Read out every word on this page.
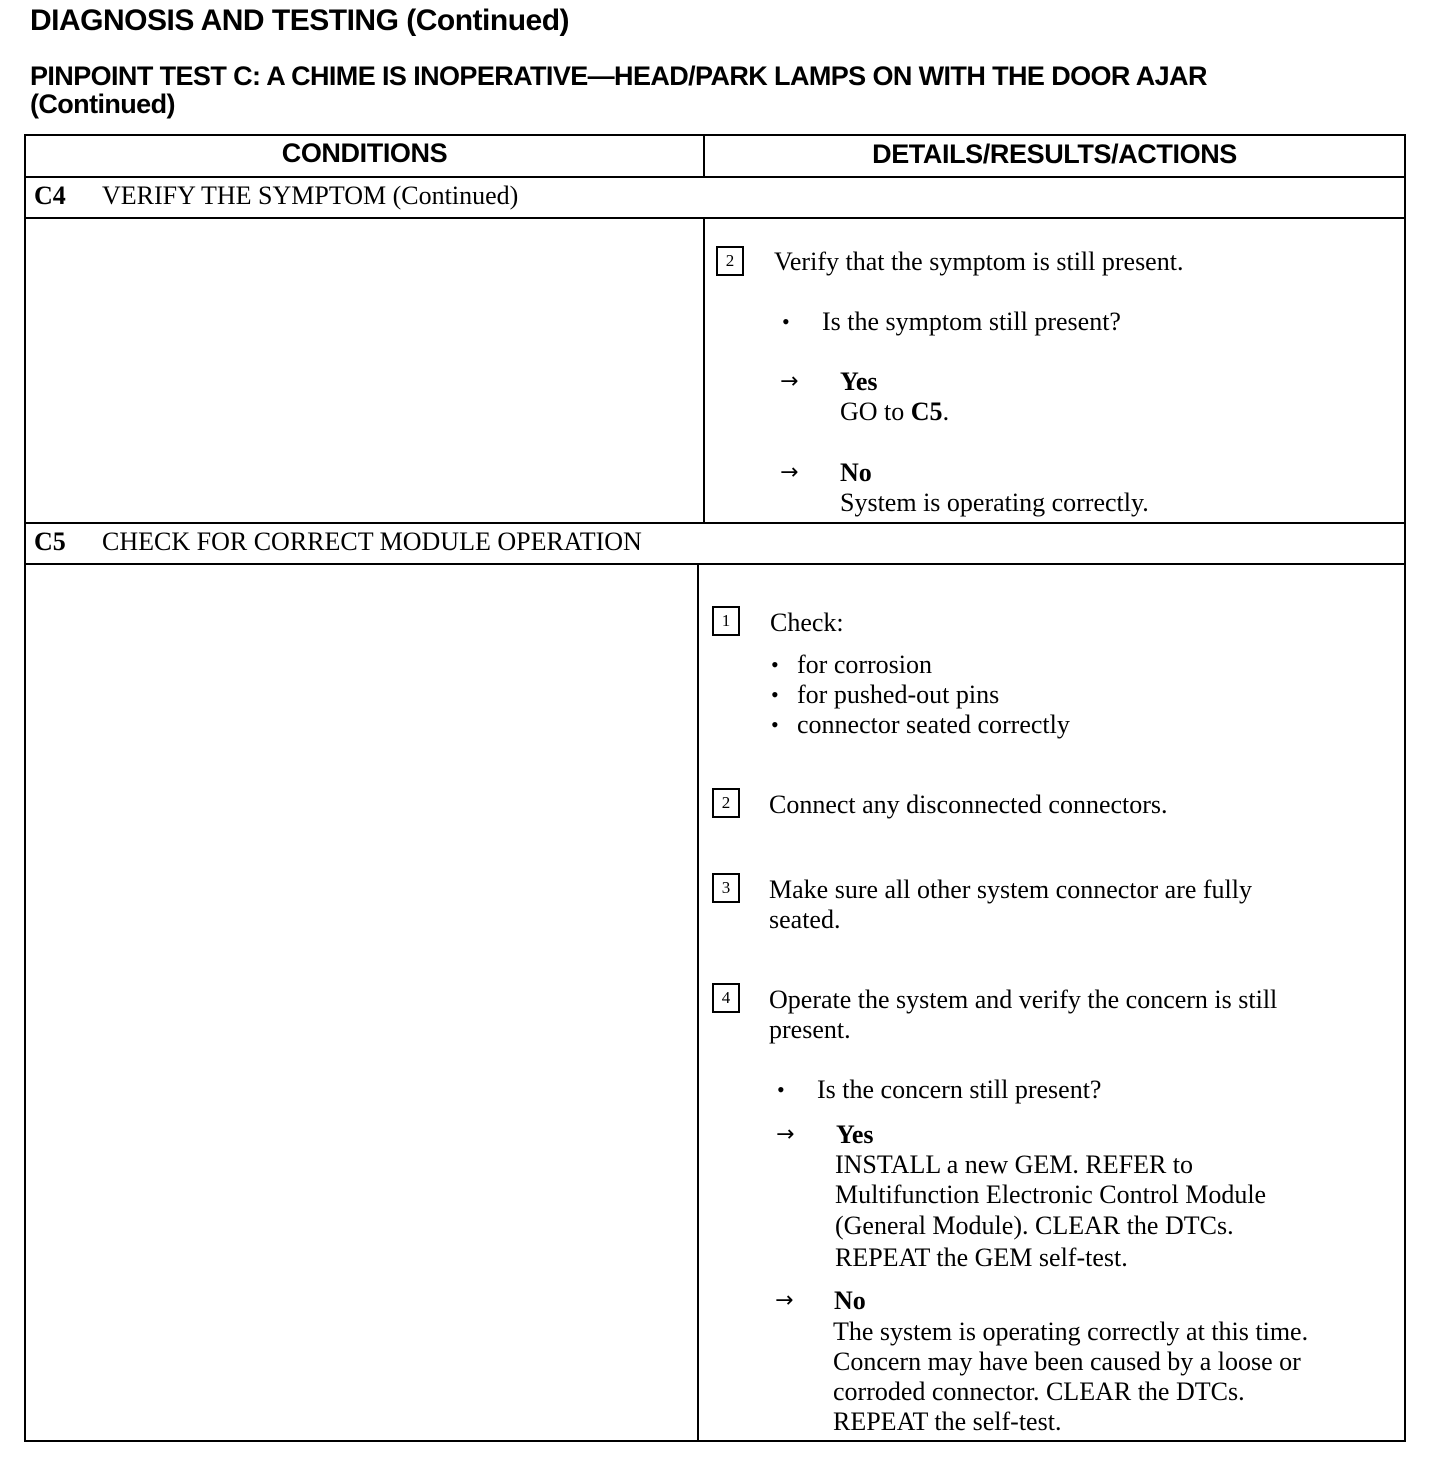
DIAGNOSIS AND TESTING (Continued)
PINPOINT TEST C: A CHIME IS INOPERATIVE—HEAD/PARK LAMPS ON WITH THE DOOR AJAR
(Continued)
CONDITIONS	DETAILS/RESULTS/ACTIONS
C4 VERIFY THE SYMPTOM (Continued)
2	Verify that the symptom is still present.
• Is the symptom still present?
→ Yes
GO to C5.
→ No
System is operating correctly.
C5 CHECK FOR CORRECT MODULE OPERATION
1	Check:
• for corrosion
• for pushed-out pins
• connector seated correctly
2	Connect any disconnected connectors.
3	Make sure all other system connector are fully
seated.
4	Operate the system and verify the concern is still
present.
• Is the concern still present?
→ Yes
INSTALL a new GEM. REFER to
Multifunction Electronic Control Module
(General Module). CLEAR the DTCs.
REPEAT the GEM self-test.
→ No
The system is operating correctly at this time.
Concern may have been caused by a loose or
corroded connector. CLEAR the DTCs.
REPEAT the self-test.
